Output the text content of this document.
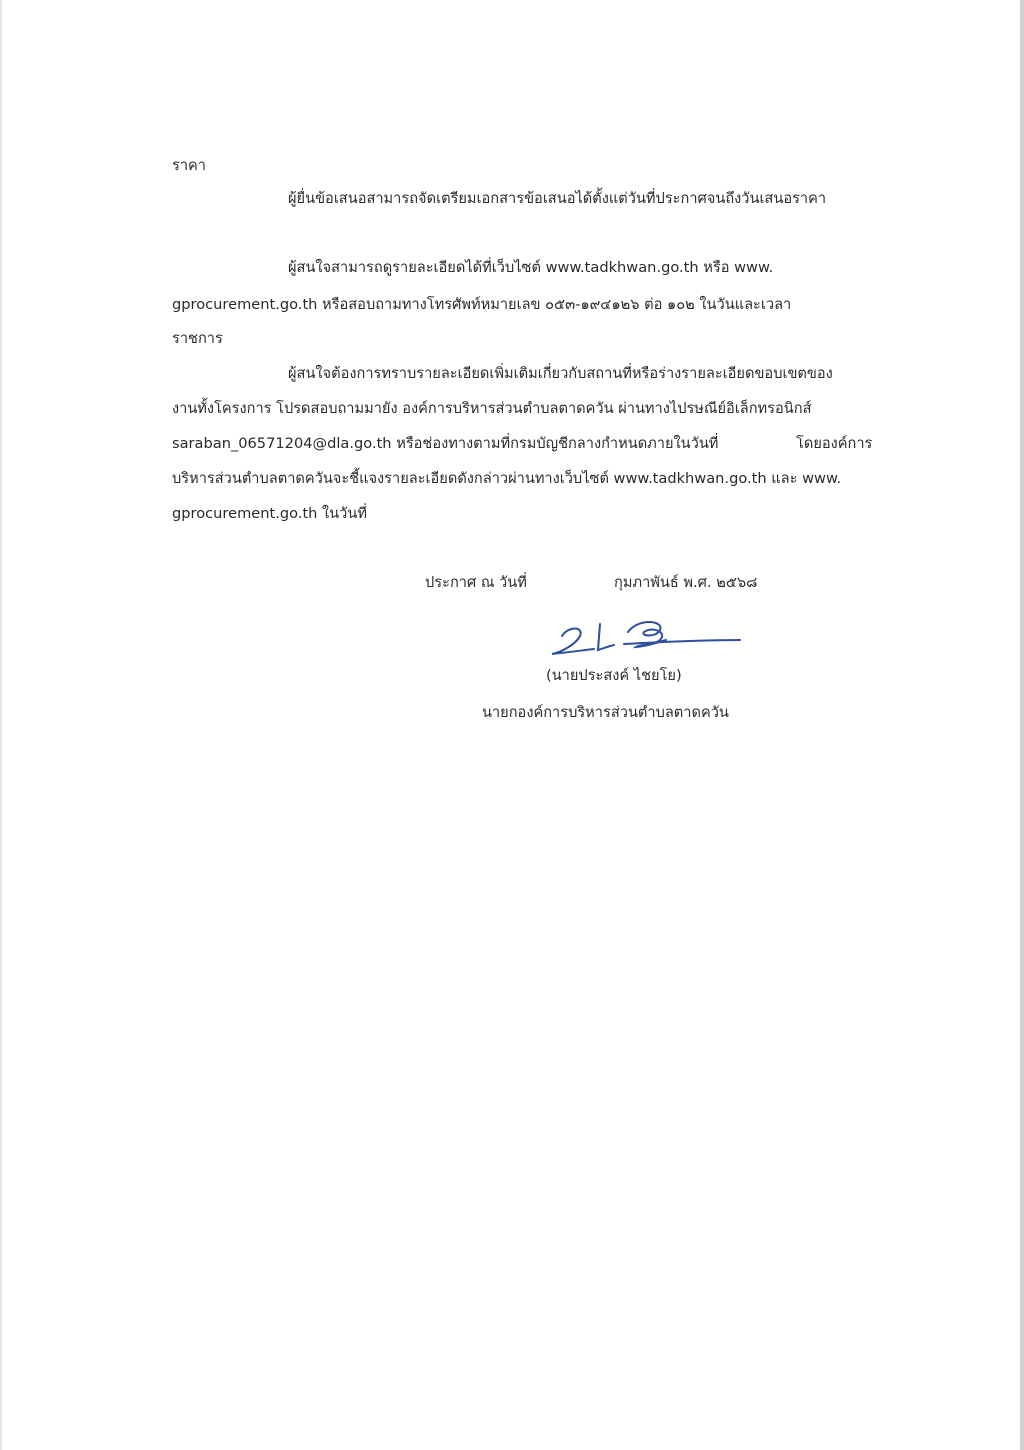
ราคา
ผู้ยื่นข้อเสนอสามารถจัดเตรียมเอกสารข้อเสนอได้ตั้งแต่วันที่ประกาศจนถึงวันเสนอราคา
ผู้สนใจสามารถดูรายละเอียดได้ที่เว็บไซต์ www.tadkhwan.go.th หรือ www.
gprocurement.go.th หรือสอบถามทางโทรศัพท์หมายเลข ๐๕๓-๑๙๔๑๒๖ ต่อ ๑๐๒ ในวันและเวลา
ราชการ
ผู้สนใจต้องการทราบรายละเอียดเพิ่มเติมเกี่ยวกับสถานที่หรือร่างรายละเอียดขอบเขตของ
งานทั้งโครงการ โปรดสอบถามมายัง องค์การบริหารส่วนตำบลตาดควัน ผ่านทางไปรษณีย์อิเล็กทรอนิกส์
saraban_06571204@dla.go.th หรือช่องทางตามที่กรมบัญชีกลางกำหนดภายในวันที่	โดยองค์การ
บริหารส่วนตำบลตาดควันจะชี้แจงรายละเอียดดังกล่าวผ่านทางเว็บไซต์ www.tadkhwan.go.th และ www.
gprocurement.go.th ในวันที่
ประกาศ ณ วันที่	กุมภาพันธ์ พ.ศ. ๒๕๖๘
(นายประสงค์ ไชยโย)
นายกองค์การบริหารส่วนตำบลตาดควัน
